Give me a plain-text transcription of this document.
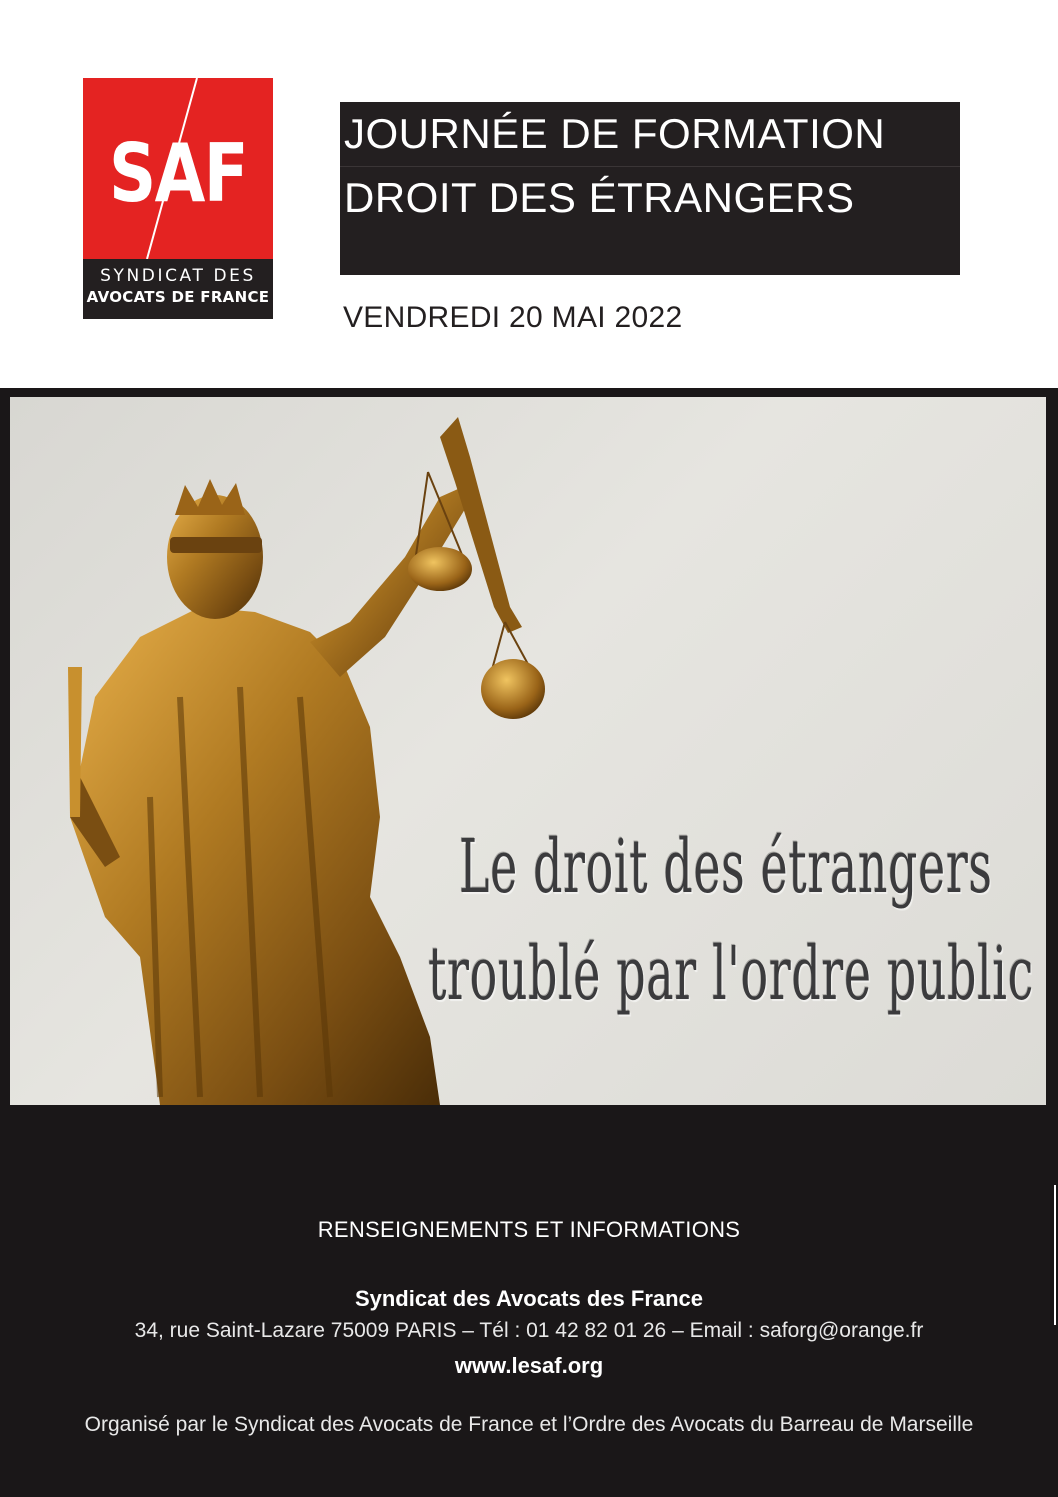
SAF
SYNDICAT DES
AVOCATS DE FRANCE
JOURNÉE DE FORMATION
DROIT DES ÉTRANGERS
VENDREDI 20 MAI 2022
Le droit des étrangers
troublé par l'ordre public
RENSEIGNEMENTS ET INFORMATIONS
Syndicat des Avocats des France
34, rue Saint-Lazare 75009 PARIS – Tél : 01 42 82 01 26 – Email : saforg@orange.fr
www.lesaf.org
Organisé par le Syndicat des Avocats de France et l’Ordre des Avocats du Barreau de Marseille
